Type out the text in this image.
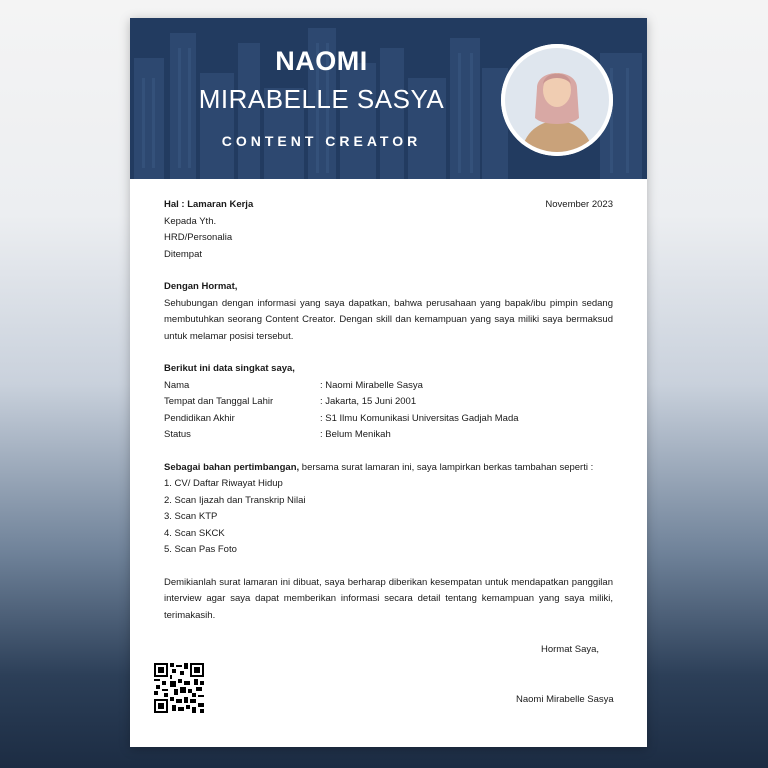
NAOMI
MIRABELLE SASYA
CONTENT CREATOR
Hal : Lamaran Kerja	November 2023
Kepada Yth.
HRD/Personalia
Ditempat
Dengan Hormat,
Sehubungan dengan informasi yang saya dapatkan, bahwa perusahaan yang bapak/ibu pimpin sedang membutuhkan seorang Content Creator. Dengan skill dan kemampuan yang saya miliki saya bermaksud untuk melamar posisi tersebut.
Berikut ini data singkat saya,
Nama	: Naomi Mirabelle Sasya
Tempat dan Tanggal Lahir	: Jakarta, 15 Juni 2001
Pendidikan Akhir	: S1 Ilmu Komunikasi Universitas Gadjah Mada
Status	: Belum Menikah
Sebagai bahan pertimbangan, bersama surat lamaran ini, saya lampirkan berkas tambahan seperti :
1. CV/ Daftar Riwayat Hidup
2. Scan Ijazah dan Transkrip Nilai
3. Scan KTP
4. Scan SKCK
5. Scan Pas Foto
Demikianlah surat lamaran ini dibuat, saya berharap diberikan kesempatan untuk mendapatkan panggilan interview agar saya dapat memberikan informasi secara detail tentang kemampuan yang saya miliki, terimakasih.
Hormat Saya,
Naomi Mirabelle Sasya
